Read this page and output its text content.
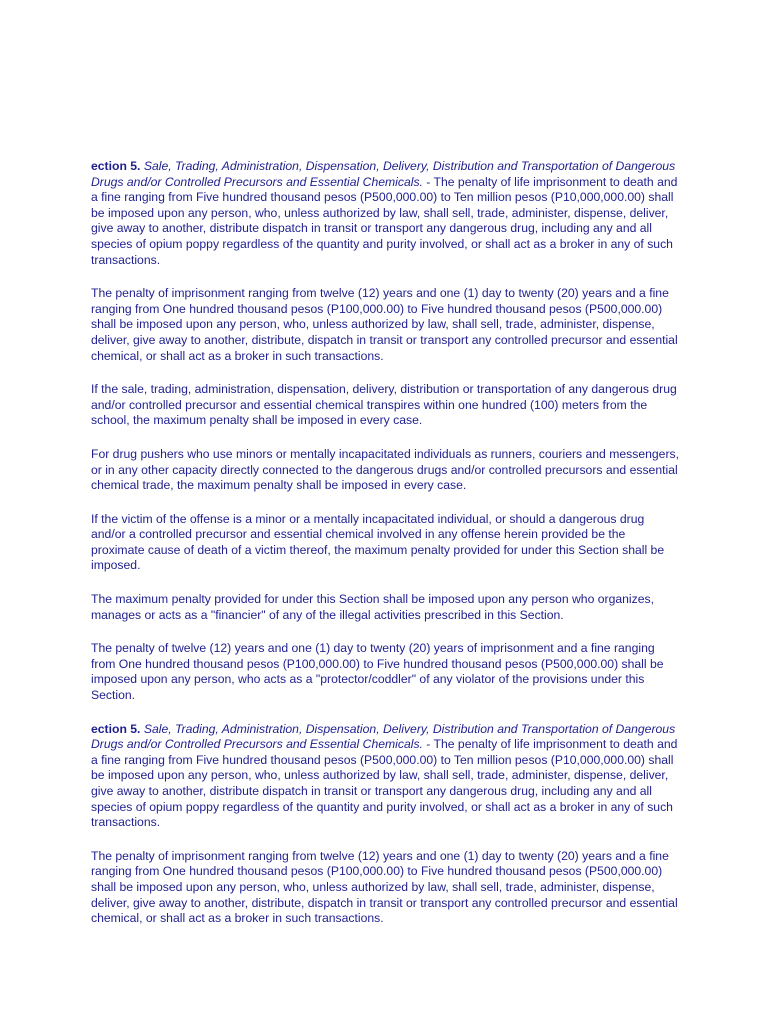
ection 5. Sale, Trading, Administration, Dispensation, Delivery, Distribution and Transportation of Dangerous Drugs and/or Controlled Precursors and Essential Chemicals. - The penalty of life imprisonment to death and a fine ranging from Five hundred thousand pesos (P500,000.00) to Ten million pesos (P10,000,000.00) shall be imposed upon any person, who, unless authorized by law, shall sell, trade, administer, dispense, deliver, give away to another, distribute dispatch in transit or transport any dangerous drug, including any and all species of opium poppy regardless of the quantity and purity involved, or shall act as a broker in any of such transactions.

The penalty of imprisonment ranging from twelve (12) years and one (1) day to twenty (20) years and a fine ranging from One hundred thousand pesos (P100,000.00) to Five hundred thousand pesos (P500,000.00) shall be imposed upon any person, who, unless authorized by law, shall sell, trade, administer, dispense, deliver, give away to another, distribute, dispatch in transit or transport any controlled precursor and essential chemical, or shall act as a broker in such transactions.

If the sale, trading, administration, dispensation, delivery, distribution or transportation of any dangerous drug and/or controlled precursor and essential chemical transpires within one hundred (100) meters from the school, the maximum penalty shall be imposed in every case.

For drug pushers who use minors or mentally incapacitated individuals as runners, couriers and messengers, or in any other capacity directly connected to the dangerous drugs and/or controlled precursors and essential chemical trade, the maximum penalty shall be imposed in every case.

If the victim of the offense is a minor or a mentally incapacitated individual, or should a dangerous drug and/or a controlled precursor and essential chemical involved in any offense herein provided be the proximate cause of death of a victim thereof, the maximum penalty provided for under this Section shall be imposed.

The maximum penalty provided for under this Section shall be imposed upon any person who organizes, manages or acts as a "financier" of any of the illegal activities prescribed in this Section.

The penalty of twelve (12) years and one (1) day to twenty (20) years of imprisonment and a fine ranging from One hundred thousand pesos (P100,000.00) to Five hundred thousand pesos (P500,000.00) shall be imposed upon any person, who acts as a "protector/coddler" of any violator of the provisions under this Section.

ection 5. Sale, Trading, Administration, Dispensation, Delivery, Distribution and Transportation of Dangerous Drugs and/or Controlled Precursors and Essential Chemicals. - The penalty of life imprisonment to death and a fine ranging from Five hundred thousand pesos (P500,000.00) to Ten million pesos (P10,000,000.00) shall be imposed upon any person, who, unless authorized by law, shall sell, trade, administer, dispense, deliver, give away to another, distribute dispatch in transit or transport any dangerous drug, including any and all species of opium poppy regardless of the quantity and purity involved, or shall act as a broker in any of such transactions.

The penalty of imprisonment ranging from twelve (12) years and one (1) day to twenty (20) years and a fine ranging from One hundred thousand pesos (P100,000.00) to Five hundred thousand pesos (P500,000.00) shall be imposed upon any person, who, unless authorized by law, shall sell, trade, administer, dispense, deliver, give away to another, distribute, dispatch in transit or transport any controlled precursor and essential chemical, or shall act as a broker in such transactions.
